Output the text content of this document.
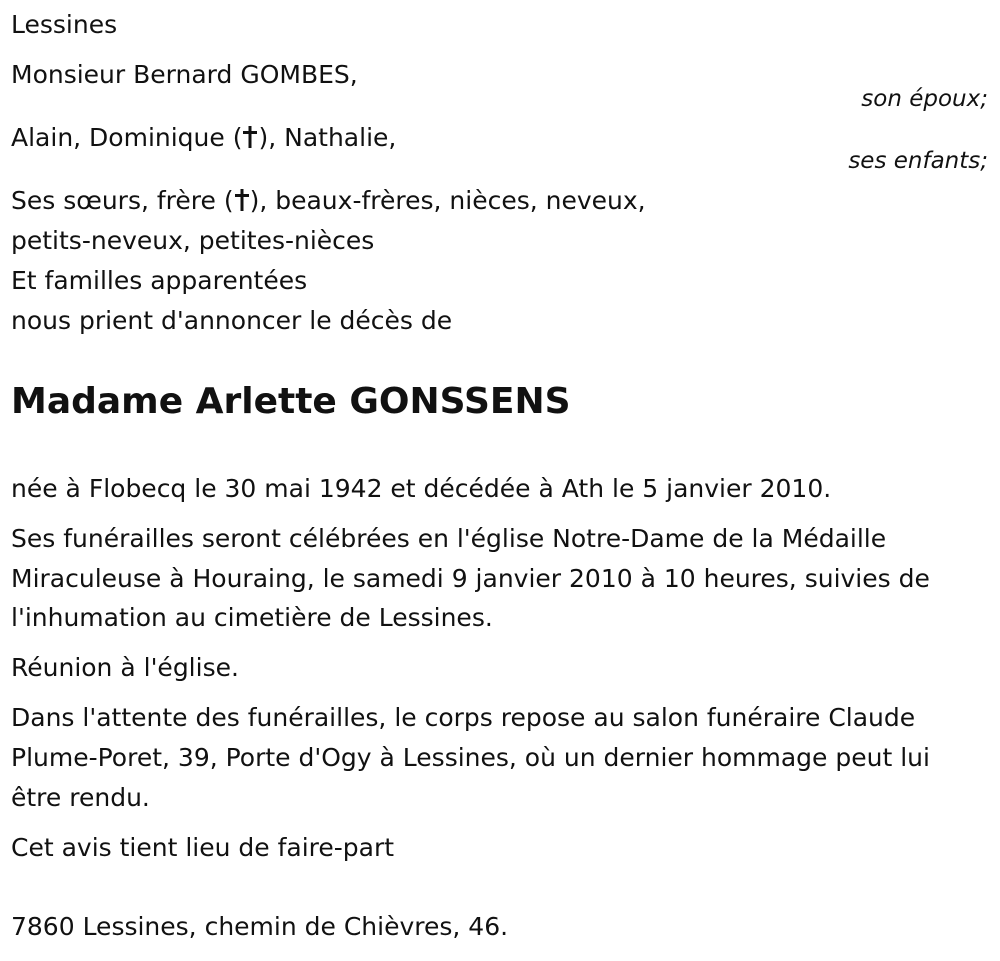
Lessines
Monsieur Bernard GOMBES,
son époux;
Alain, Dominique ( ), Nathalie,
ses enfants;
Ses sœurs, frère ( ), beaux-frères, nièces, neveux,
petits-neveux, petites-nièces
Et familles apparentées
nous prient d'annoncer le décès de
Madame Arlette GONSSENS
née à Flobecq le 30 mai 1942 et décédée à Ath le 5 janvier 2010.
Ses funérailles seront célébrées en l'église Notre-Dame de la Médaille
Miraculeuse à Houraing, le samedi 9 janvier 2010 à 10 heures, suivies de
l'inhumation au cimetière de Lessines.
Réunion à l'église.
Dans l'attente des funérailles, le corps repose au salon funéraire Claude
Plume-Poret, 39, Porte d'Ogy à Lessines, où un dernier hommage peut lui
être rendu.
Cet avis tient lieu de faire-part
7860 Lessines, chemin de Chièvres, 46.
